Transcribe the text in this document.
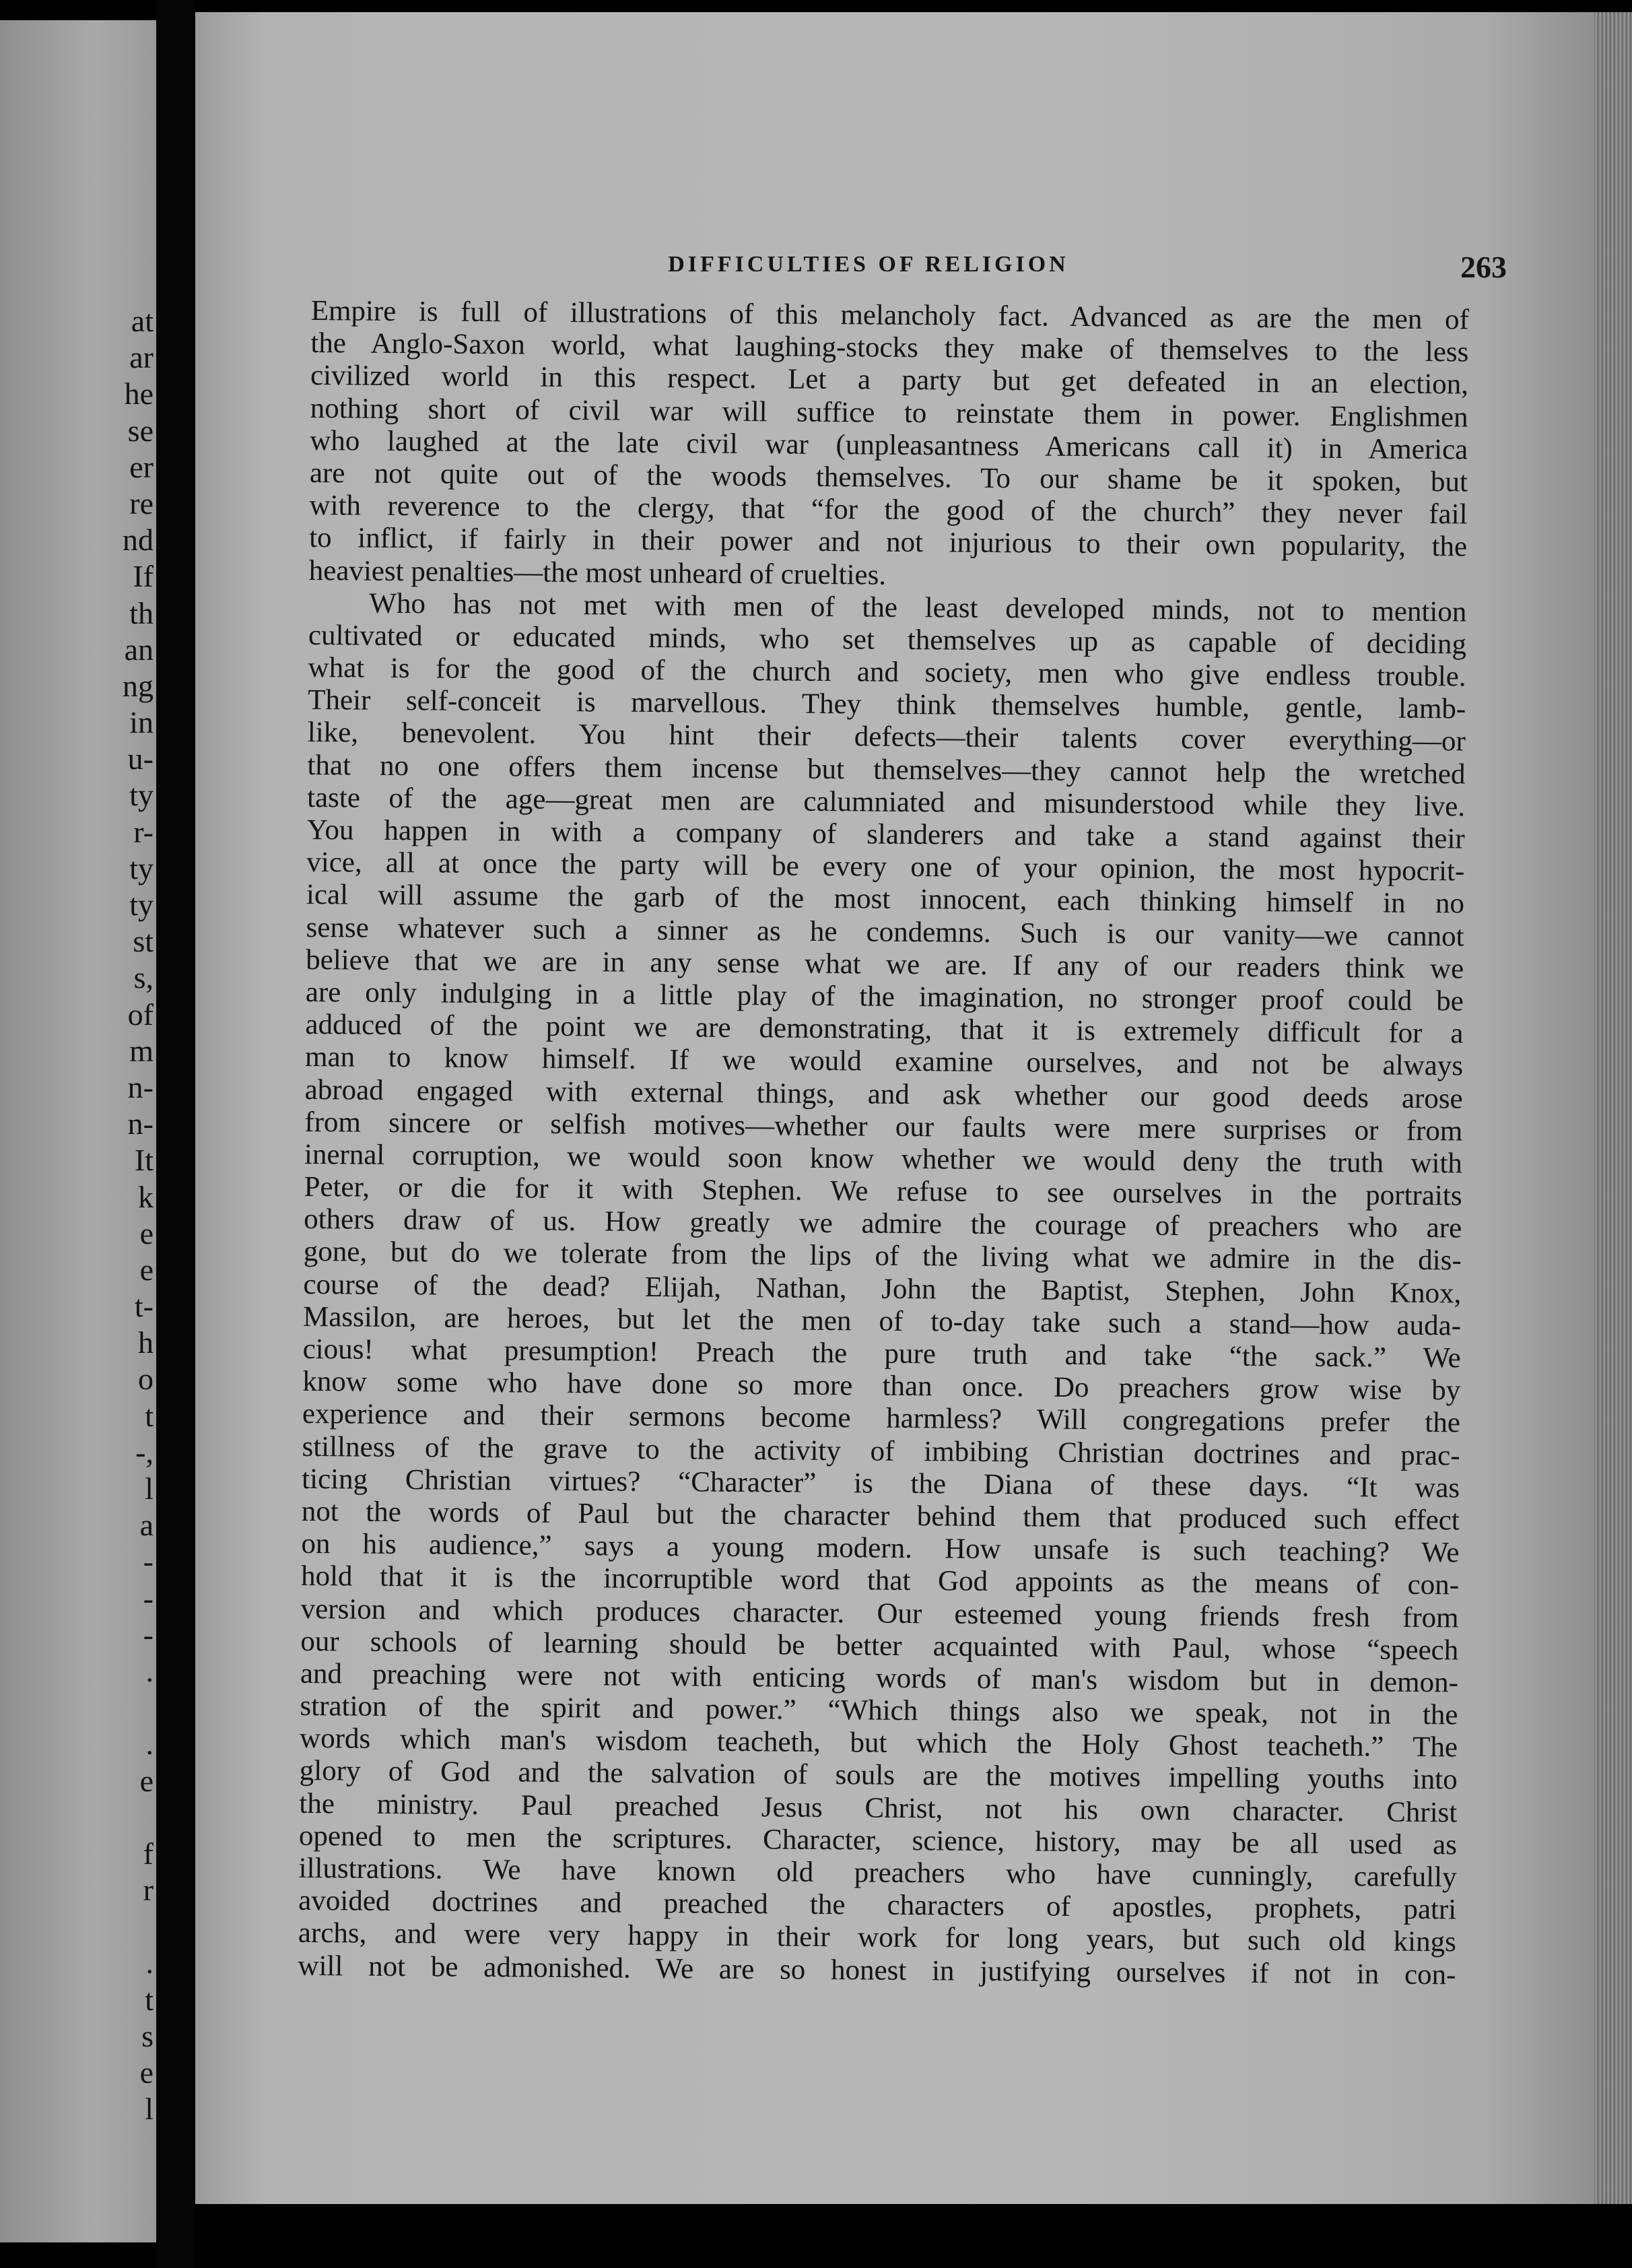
at
ar
he
se
er
re
nd
If
th
an
ng
in
u-
ty
r-
ty
ty
st
s,
of
m
n-
n-
It
k
e
e
t-
h
o
t
-,
l
a
-
-
-
.
.
e
f
r
.
t
s
e
l
DIFFICULTIES OF RELIGION	263
Empire is full of illustrations of this melancholy fact. Advanced as are the men of
the Anglo-Saxon world, what laughing-stocks they make of themselves to the less
civilized world in this respect. Let a party but get defeated in an election,
nothing short of civil war will suffice to reinstate them in power. Englishmen
who laughed at the late civil war (unpleasantness Americans call it) in America
are not quite out of the woods themselves. To our shame be it spoken, but
with reverence to the clergy, that “for the good of the church” they never fail
to inflict, if fairly in their power and not injurious to their own popularity, the
heaviest penalties—the most unheard of cruelties.
Who has not met with men of the least developed minds, not to mention
cultivated or educated minds, who set themselves up as capable of deciding
what is for the good of the church and society, men who give endless trouble.
Their self-conceit is marvellous. They think themselves humble, gentle, lamb-
like, benevolent. You hint their defects—their talents cover everything—or
that no one offers them incense but themselves—they cannot help the wretched
taste of the age—great men are calumniated and misunderstood while they live.
You happen in with a company of slanderers and take a stand against their
vice, all at once the party will be every one of your opinion, the most hypocrit-
ical will assume the garb of the most innocent, each thinking himself in no
sense whatever such a sinner as he condemns. Such is our vanity—we cannot
believe that we are in any sense what we are. If any of our readers think we
are only indulging in a little play of the imagination, no stronger proof could be
adduced of the point we are demonstrating, that it is extremely difficult for a
man to know himself. If we would examine ourselves, and not be always
abroad engaged with external things, and ask whether our good deeds arose
from sincere or selfish motives—whether our faults were mere surprises or from
inernal corruption, we would soon know whether we would deny the truth with
Peter, or die for it with Stephen. We refuse to see ourselves in the portraits
others draw of us. How greatly we admire the courage of preachers who are
gone, but do we tolerate from the lips of the living what we admire in the dis-
course of the dead? Elijah, Nathan, John the Baptist, Stephen, John Knox,
Massilon, are heroes, but let the men of to-day take such a stand—how auda-
cious! what presumption! Preach the pure truth and take “the sack.” We
know some who have done so more than once. Do preachers grow wise by
experience and their sermons become harmless? Will congregations prefer the
stillness of the grave to the activity of imbibing Christian doctrines and prac-
ticing Christian virtues? “Character” is the Diana of these days. “It was
not the words of Paul but the character behind them that produced such effect
on his audience,” says a young modern. How unsafe is such teaching? We
hold that it is the incorruptible word that God appoints as the means of con-
version and which produces character. Our esteemed young friends fresh from
our schools of learning should be better acquainted with Paul, whose “speech
and preaching were not with enticing words of man's wisdom but in demon-
stration of the spirit and power.” “Which things also we speak, not in the
words which man's wisdom teacheth, but which the Holy Ghost teacheth.” The
glory of God and the salvation of souls are the motives impelling youths into
the ministry. Paul preached Jesus Christ, not his own character. Christ
opened to men the scriptures. Character, science, history, may be all used as
illustrations. We have known old preachers who have cunningly, carefully
avoided doctrines and preached the characters of apostles, prophets, patri
archs, and were very happy in their work for long years, but such old kings
will not be admonished. We are so honest in justifying ourselves if not in con-
